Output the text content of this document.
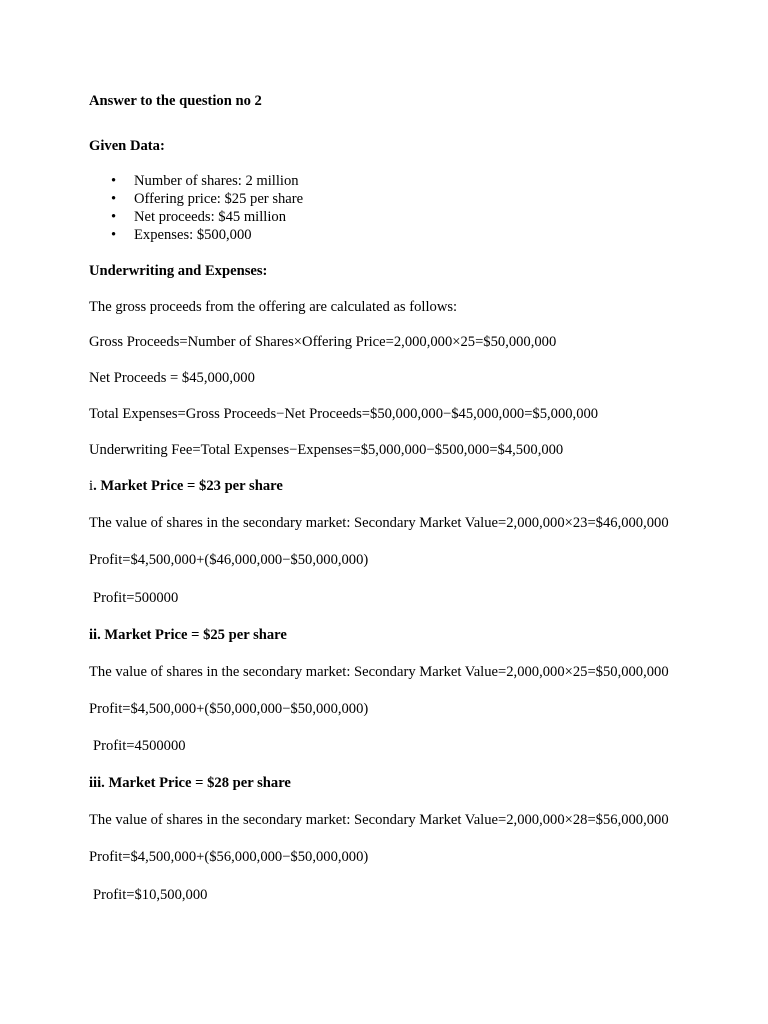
Answer to the question no 2
Given Data:
• Number of shares: 2 million
• Offering price: $25 per share
• Net proceeds: $45 million
• Expenses: $500,000
Underwriting and Expenses:
The gross proceeds from the offering are calculated as follows:
Gross Proceeds=Number of Shares×Offering Price=2,000,000×25=$50,000,000
Net Proceeds = $45,000,000
Total Expenses=Gross Proceeds−Net Proceeds=$50,000,000−$45,000,000=$5,000,000
Underwriting Fee=Total Expenses−Expenses=$5,000,000−$500,000=$4,500,000
i. Market Price = $23 per share
The value of shares in the secondary market: Secondary Market Value=2,000,000×23=$46,000,000
Profit=$4,500,000+($46,000,000−$50,000,000)
Profit=500000
ii. Market Price = $25 per share
The value of shares in the secondary market: Secondary Market Value=2,000,000×25=$50,000,000
Profit=$4,500,000+($50,000,000−$50,000,000)
Profit=4500000
iii. Market Price = $28 per share
The value of shares in the secondary market: Secondary Market Value=2,000,000×28=$56,000,000
Profit=$4,500,000+($56,000,000−$50,000,000)
Profit=$10,500,000
